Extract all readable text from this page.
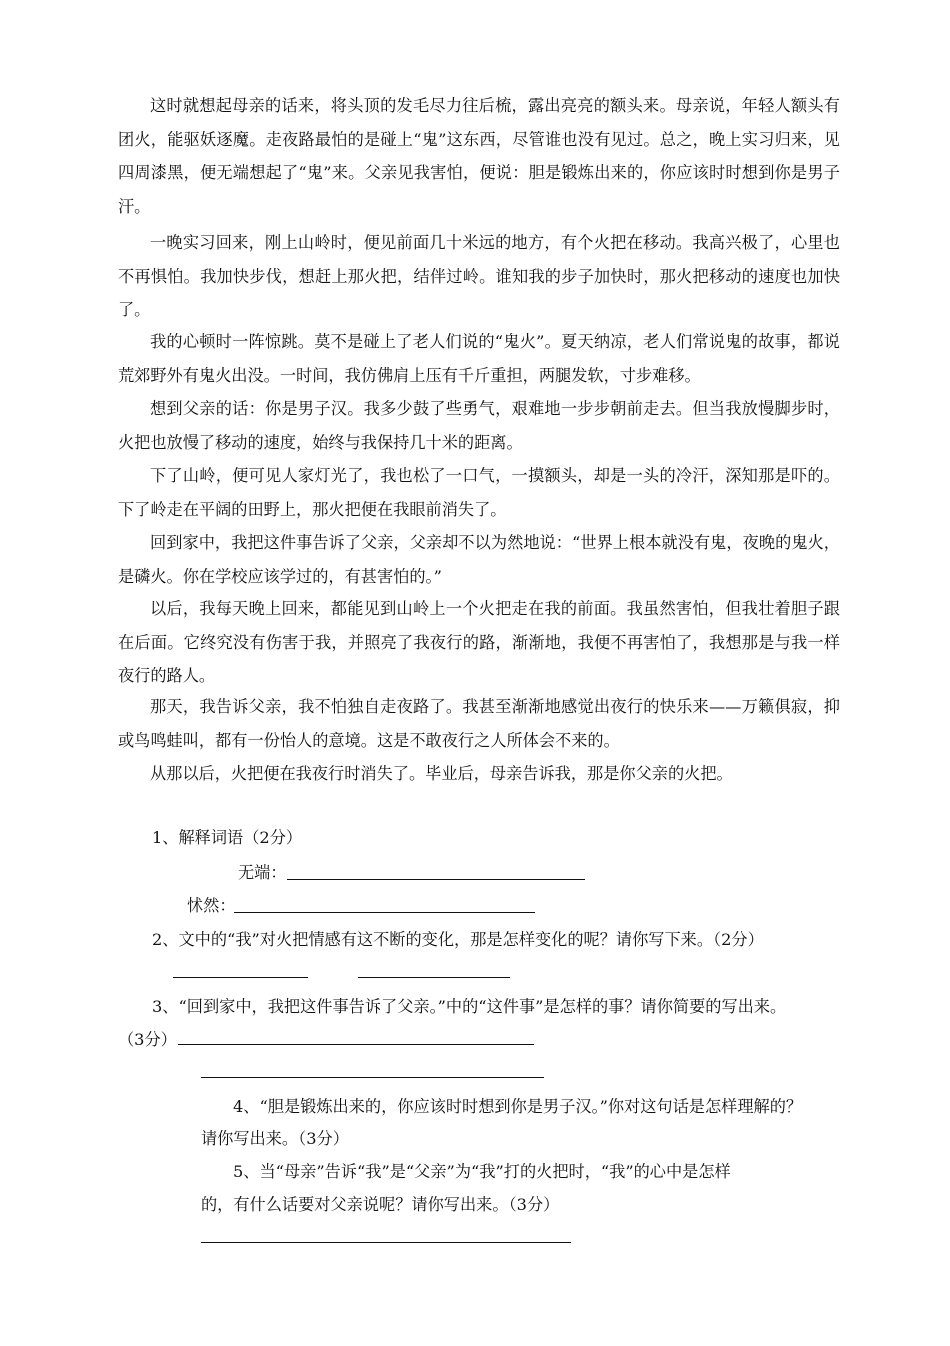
这时就想起母亲的话来，将头顶的发毛尽力往后梳，露出亮亮的额头来。母亲说，年轻人额头有团火，能驱妖逐魔。走夜路最怕的是碰上“鬼”这东西，尽管谁也没有见过。总之，晚上实习归来，见四周漆黑，便无端想起了“鬼”来。父亲见我害怕，便说：胆是锻炼出来的，你应该时时想到你是男子汗。

一晚实习回来，刚上山岭时，便见前面几十米远的地方，有个火把在移动。我高兴极了，心里也不再惧怕。我加快步伐，想赶上那火把，结伴过岭。谁知我的步子加快时，那火把移动的速度也加快了。

我的心顿时一阵惊跳。莫不是碰上了老人们说的“鬼火”。夏天纳凉，老人们常说鬼的故事，都说荒郊野外有鬼火出没。一时间，我仿佛肩上压有千斤重担，两腿发软，寸步难移。

想到父亲的话：你是男子汉。我多少鼓了些勇气，艰难地一步步朝前走去。但当我放慢脚步时，火把也放慢了移动的速度，始终与我保持几十米的距离。

下了山岭，便可见人家灯光了，我也松了一口气，一摸额头，却是一头的冷汗，深知那是吓的。下了岭走在平阔的田野上，那火把便在我眼前消失了。

回到家中，我把这件事告诉了父亲，父亲却不以为然地说：“世界上根本就没有鬼，夜晚的鬼火，是磷火。你在学校应该学过的，有甚害怕的。”

以后，我每天晚上回来，都能见到山岭上一个火把走在我的前面。我虽然害怕，但我壮着胆子跟在后面。它终究没有伤害于我，并照亮了我夜行的路，渐渐地，我便不再害怕了，我想那是与我一样夜行的路人。

那天，我告诉父亲，我不怕独自走夜路了。我甚至渐渐地感觉出夜行的快乐来——万籁俱寂，抑或鸟鸣蛙叫，都有一份怡人的意境。这是不敢夜行之人所体会不来的。

从那以后，火把便在我夜行时消失了。毕业后，母亲告诉我，那是你父亲的火把。

1、解释词语（2分）

无端：

怵然：

2、文中的“我”对火把情感有这不断的变化，那是怎样变化的呢？请你写下来。（2分）

3、“回到家中，我把这件事告诉了父亲。”中的“这件事”是怎样的事？请你简要的写出来。

（3分）

4、“胆是锻炼出来的，你应该时时想到你是男子汉。”你对这句话是怎样理解的？

请你写出来。（3分）

5、当“母亲”告诉“我”是“父亲”为“我”打的火把时，“我”的心中是怎样

的，有什么话要对父亲说呢？请你写出来。（3分）
